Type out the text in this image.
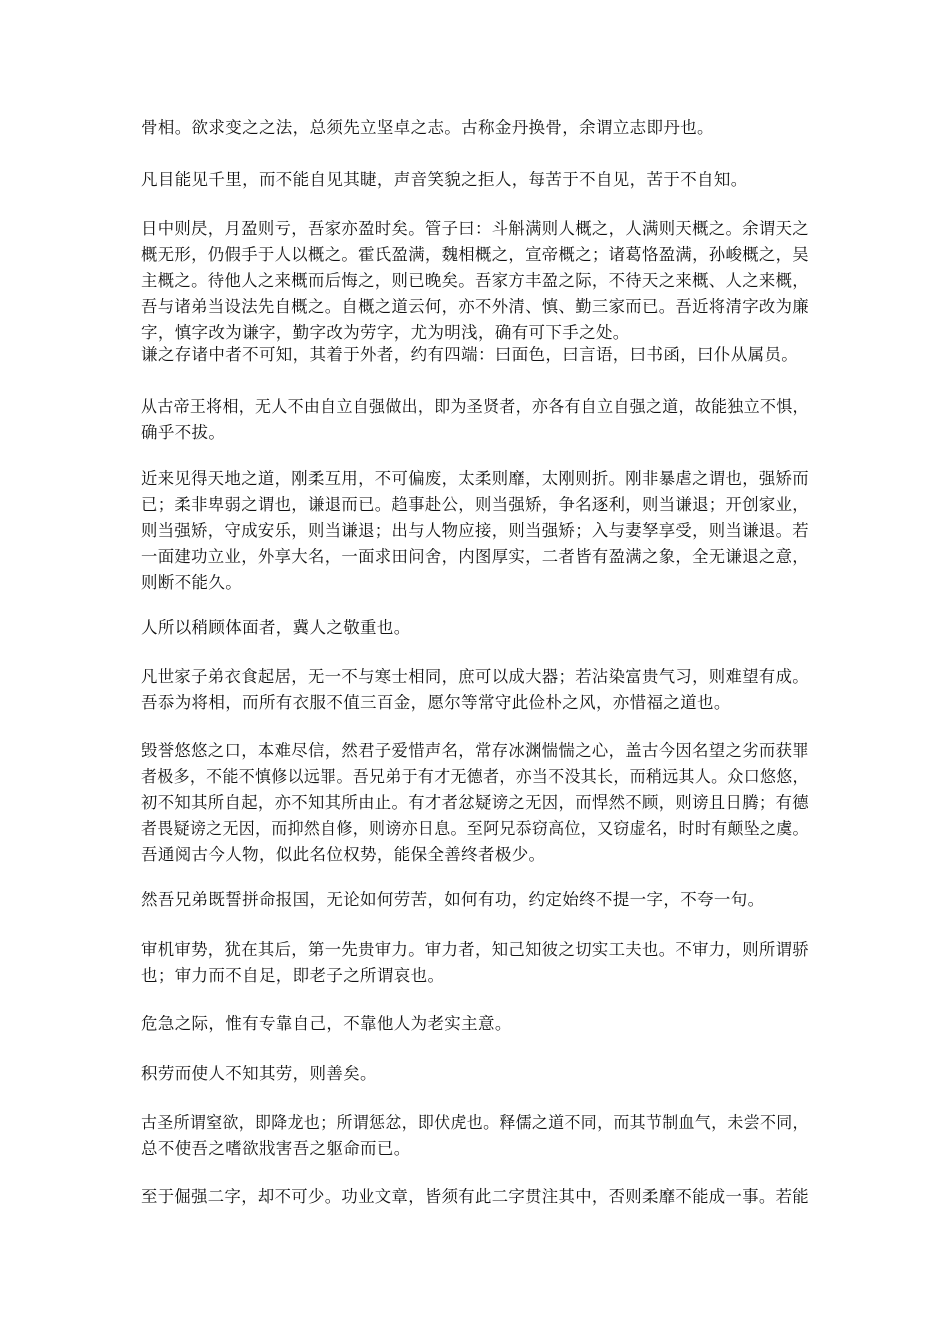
骨相。欲求变之之法，总须先立坚卓之志。古称金丹换骨，余谓立志即丹也。

凡目能见千里，而不能自见其睫，声音笑貌之拒人，每苦于不自见，苦于不自知。

日中则昃，月盈则亏，吾家亦盈时矣。管子曰：斗斛满则人概之，人满则天概之。余谓天之
概无形，仍假手于人以概之。霍氏盈满，魏相概之，宣帝概之；诸葛恪盈满，孙峻概之，吴
主概之。待他人之来概而后悔之，则已晚矣。吾家方丰盈之际，不待天之来概、人之来概，
吾与诸弟当设法先自概之。自概之道云何，亦不外清、慎、勤三家而已。吾近将清字改为廉
字，慎字改为谦字，勤字改为劳字，尤为明浅，确有可下手之处。

谦之存诸中者不可知，其着于外者，约有四端：曰面色，曰言语，曰书函，曰仆从属员。

从古帝王将相，无人不由自立自强做出，即为圣贤者，亦各有自立自强之道，故能独立不惧，
确乎不拔。

近来见得天地之道，刚柔互用，不可偏废，太柔则靡，太刚则折。刚非暴虐之谓也，强矫而
已；柔非卑弱之谓也，谦退而已。趋事赴公，则当强矫，争名逐利，则当谦退；开创家业，
则当强矫，守成安乐，则当谦退；出与人物应接，则当强矫；入与妻孥享受，则当谦退。若
一面建功立业，外享大名，一面求田问舍，内图厚实，二者皆有盈满之象，全无谦退之意，
则断不能久。

人所以稍顾体面者，冀人之敬重也。

凡世家子弟衣食起居，无一不与寒士相同，庶可以成大器；若沾染富贵气习，则难望有成。
吾忝为将相，而所有衣服不值三百金，愿尔等常守此俭朴之风，亦惜福之道也。

毁誉悠悠之口，本难尽信，然君子爱惜声名，常存冰渊惴惴之心，盖古今因名望之劣而获罪
者极多，不能不慎修以远罪。吾兄弟于有才无德者，亦当不没其长，而稍远其人。众口悠悠，
初不知其所自起，亦不知其所由止。有才者忿疑谤之无因，而悍然不顾，则谤且日腾；有德
者畏疑谤之无因，而抑然自修，则谤亦日息。至阿兄忝窃高位，又窃虚名，时时有颠坠之虞。
吾通阅古今人物，似此名位权势，能保全善终者极少。

然吾兄弟既誓拼命报国，无论如何劳苦，如何有功，约定始终不提一字，不夸一句。

审机审势，犹在其后，第一先贵审力。审力者，知己知彼之切实工夫也。不审力，则所谓骄
也；审力而不自足，即老子之所谓哀也。

危急之际，惟有专靠自己，不靠他人为老实主意。

积劳而使人不知其劳，则善矣。

古圣所谓窒欲，即降龙也；所谓惩忿，即伏虎也。释儒之道不同，而其节制血气，未尝不同，
总不使吾之嗜欲戕害吾之躯命而已。

至于倔强二字，却不可少。功业文章，皆须有此二字贯注其中，否则柔靡不能成一事。若能
